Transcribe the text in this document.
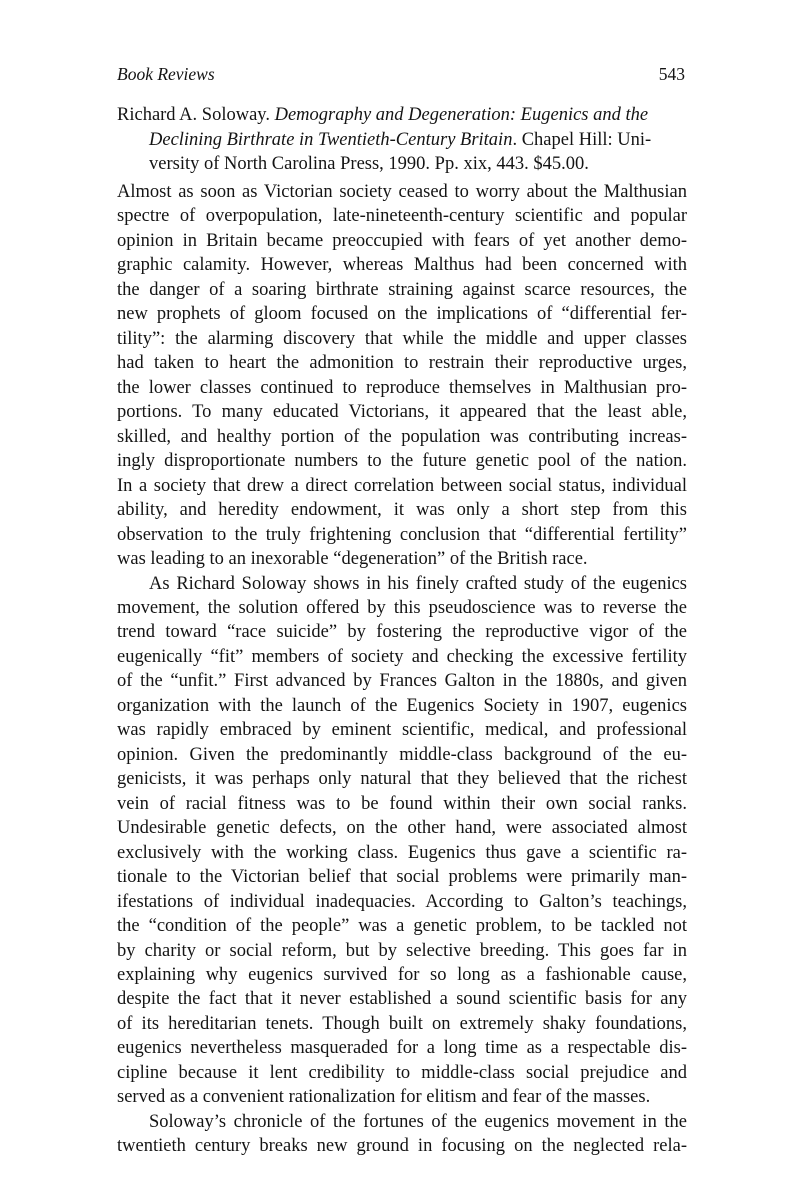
Book Reviews	543
Richard A. Soloway. Demography and Degeneration: Eugenics and the
Declining Birthrate in Twentieth-Century Britain. Chapel Hill: Uni-
versity of North Carolina Press, 1990. Pp. xix, 443. $45.00.
Almost as soon as Victorian society ceased to worry about the Malthusian
spectre of overpopulation, late-nineteenth-century scientific and popular
opinion in Britain became preoccupied with fears of yet another demo-
graphic calamity. However, whereas Malthus had been concerned with
the danger of a soaring birthrate straining against scarce resources, the
new prophets of gloom focused on the implications of “differential fer-
tility”: the alarming discovery that while the middle and upper classes
had taken to heart the admonition to restrain their reproductive urges,
the lower classes continued to reproduce themselves in Malthusian pro-
portions. To many educated Victorians, it appeared that the least able,
skilled, and healthy portion of the population was contributing increas-
ingly disproportionate numbers to the future genetic pool of the nation.
In a society that drew a direct correlation between social status, individual
ability, and heredity endowment, it was only a short step from this
observation to the truly frightening conclusion that “differential fertility”
was leading to an inexorable “degeneration” of the British race.
As Richard Soloway shows in his finely crafted study of the eugenics
movement, the solution offered by this pseudoscience was to reverse the
trend toward “race suicide” by fostering the reproductive vigor of the
eugenically “fit” members of society and checking the excessive fertility
of the “unfit.” First advanced by Frances Galton in the 1880s, and given
organization with the launch of the Eugenics Society in 1907, eugenics
was rapidly embraced by eminent scientific, medical, and professional
opinion. Given the predominantly middle-class background of the eu-
genicists, it was perhaps only natural that they believed that the richest
vein of racial fitness was to be found within their own social ranks.
Undesirable genetic defects, on the other hand, were associated almost
exclusively with the working class. Eugenics thus gave a scientific ra-
tionale to the Victorian belief that social problems were primarily man-
ifestations of individual inadequacies. According to Galton’s teachings,
the “condition of the people” was a genetic problem, to be tackled not
by charity or social reform, but by selective breeding. This goes far in
explaining why eugenics survived for so long as a fashionable cause,
despite the fact that it never established a sound scientific basis for any
of its hereditarian tenets. Though built on extremely shaky foundations,
eugenics nevertheless masqueraded for a long time as a respectable dis-
cipline because it lent credibility to middle-class social prejudice and
served as a convenient rationalization for elitism and fear of the masses.
Soloway’s chronicle of the fortunes of the eugenics movement in the
twentieth century breaks new ground in focusing on the neglected rela-
